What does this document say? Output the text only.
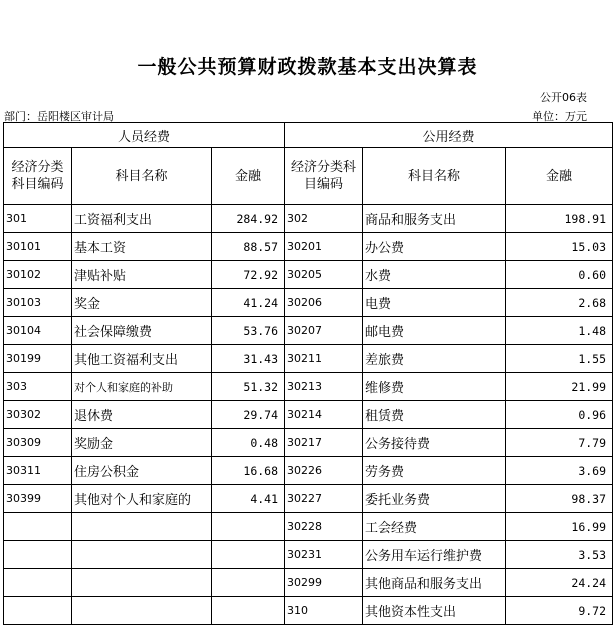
一般公共预算财政拨款基本支出决算表
公开06表
部门：岳阳楼区审计局	单位：万元
人员经费			公用经费		
经济分类科目编码	科目名称	金融	经济分类科目编码	科目名称	金融
301	工资福利支出	284.92	302	商品和服务支出	198.91
30101	基本工资	88.57	30201	办公费	15.03
30102	津贴补贴	72.92	30205	水费	0.60
30103	奖金	41.24	30206	电费	2.68
30104	社会保障缴费	53.76	30207	邮电费	1.48
30199	其他工资福利支出	31.43	30211	差旅费	1.55
303	对个人和家庭的补助	51.32	30213	维修费	21.99
30302	退休费	29.74	30214	租赁费	0.96
30309	奖励金	0.48	30217	公务接待费	7.79
30311	住房公积金	16.68	30226	劳务费	3.69
30399	其他对个人和家庭的	4.41	30227	委托业务费	98.37
			30228	工会经费	16.99
			30231	公务用车运行维护费	3.53
			30299	其他商品和服务支出	24.24
			310	其他资本性支出	9.72
